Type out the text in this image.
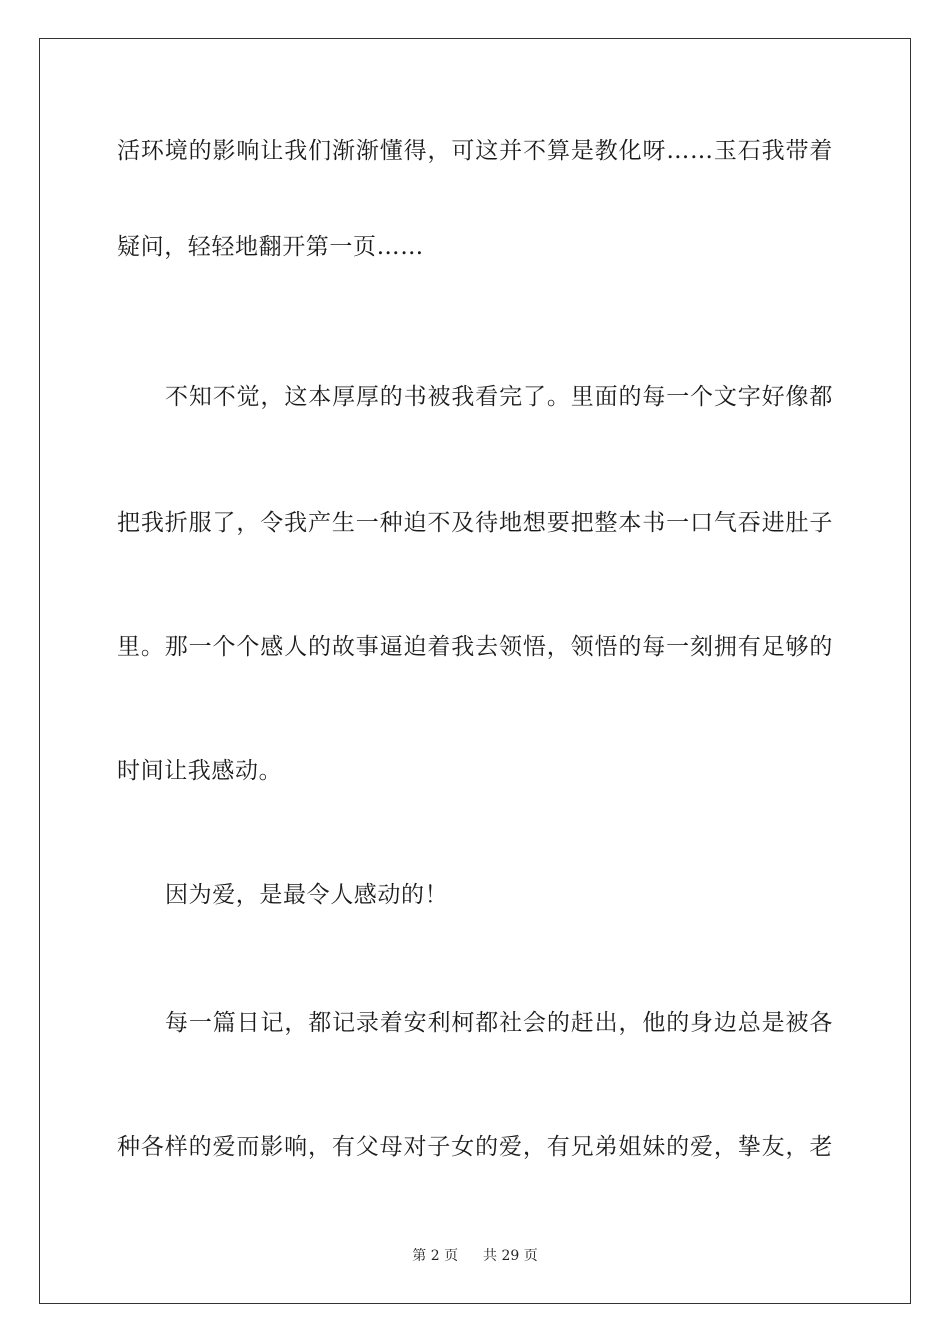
活环境的影响让我们渐渐懂得，可这并不算是教化呀……玉石我带着
疑问，轻轻地翻开第一页……
不知不觉，这本厚厚的书被我看完了。里面的每一个文字好像都
把我折服了，令我产生一种迫不及待地想要把整本书一口气吞进肚子
里。那一个个感人的故事逼迫着我去领悟，领悟的每一刻拥有足够的
时间让我感动。
因为爱，是最令人感动的！
每一篇日记，都记录着安利柯都社会的赶出，他的身边总是被各
种各样的爱而影响，有父母对子女的爱，有兄弟姐妹的爱，挚友，老
第 2 页 共 29 页
